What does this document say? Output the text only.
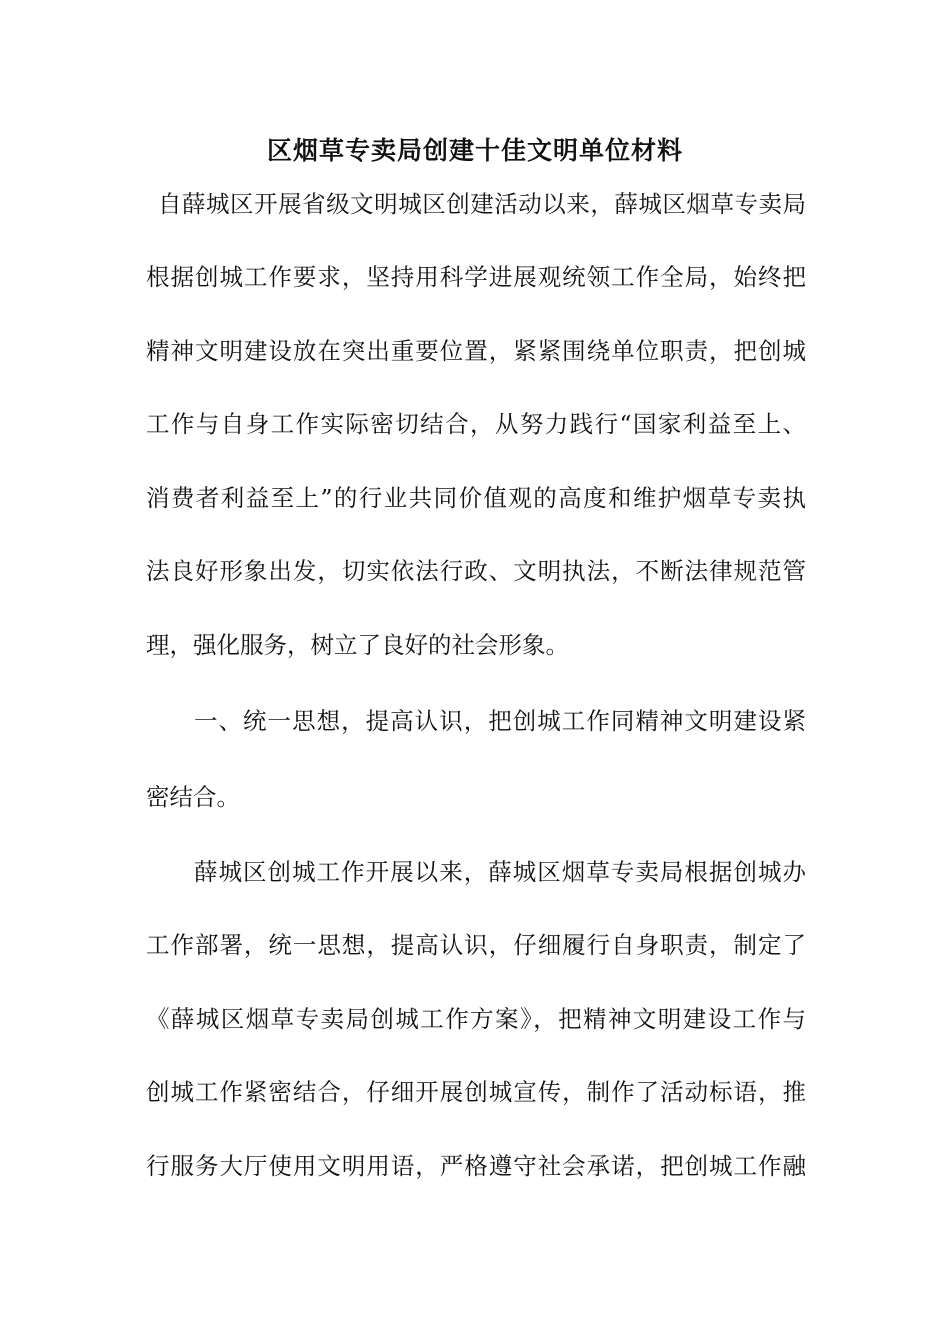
区烟草专卖局创建十佳文明单位材料
自薛城区开展省级文明城区创建活动以来，薛城区烟草专卖局
根据创城工作要求，坚持用科学进展观统领工作全局，始终把
精神文明建设放在突出重要位置，紧紧围绕单位职责，把创城
工作与自身工作实际密切结合，从努力践行“国家利益至上、
消费者利益至上”的行业共同价值观的高度和维护烟草专卖执
法良好形象出发，切实依法行政、文明执法，不断法律规范管
理，强化服务，树立了良好的社会形象。
一、统一思想，提高认识，把创城工作同精神文明建设紧
密结合。
薛城区创城工作开展以来，薛城区烟草专卖局根据创城办
工作部署，统一思想，提高认识，仔细履行自身职责，制定了
《薛城区烟草专卖局创城工作方案》，把精神文明建设工作与
创城工作紧密结合，仔细开展创城宣传，制作了活动标语，推
行服务大厅使用文明用语，严格遵守社会承诺，把创城工作融
